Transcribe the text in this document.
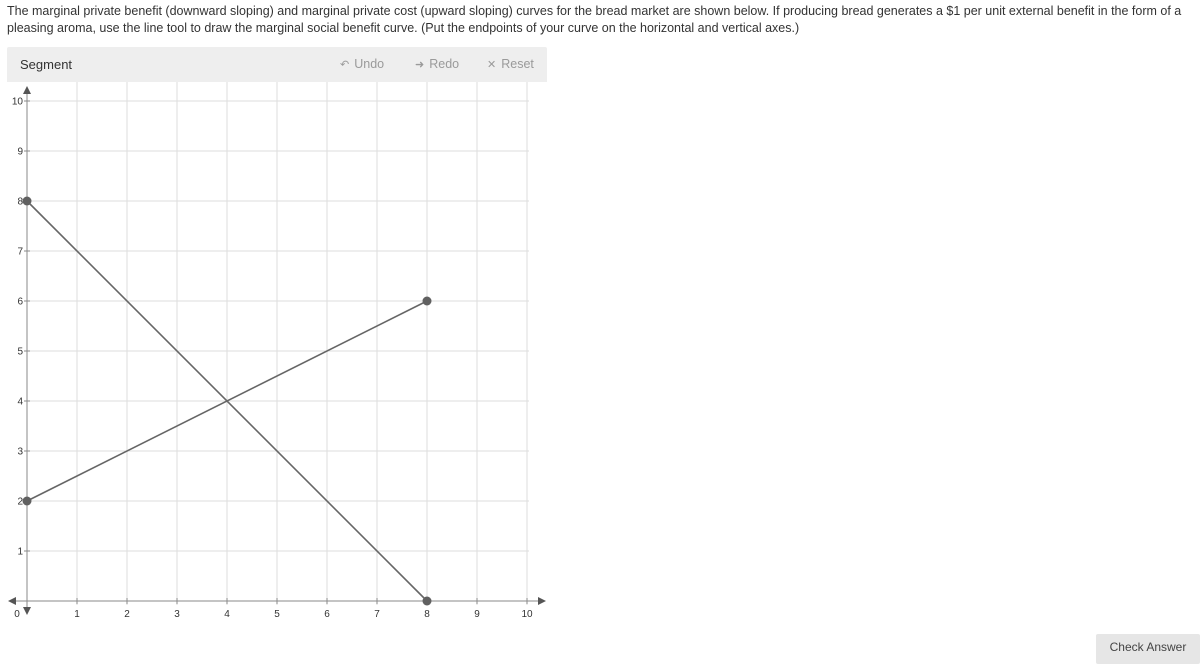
The marginal private benefit (downward sloping) and marginal private cost (upward sloping) curves for the bread market are shown below. If producing bread generates a $1 per unit external benefit in the form of a pleasing aroma, use the line tool to draw the marginal social benefit curve. (Put the endpoints of your curve on the horizontal and vertical axes.)
Segment	↶ Undo	➜ Redo	✕ Reset
0	1	2	3	4	5	6	7	8	9	10
1
2
3
4
5
6
7
8
9
10
Check Answer
